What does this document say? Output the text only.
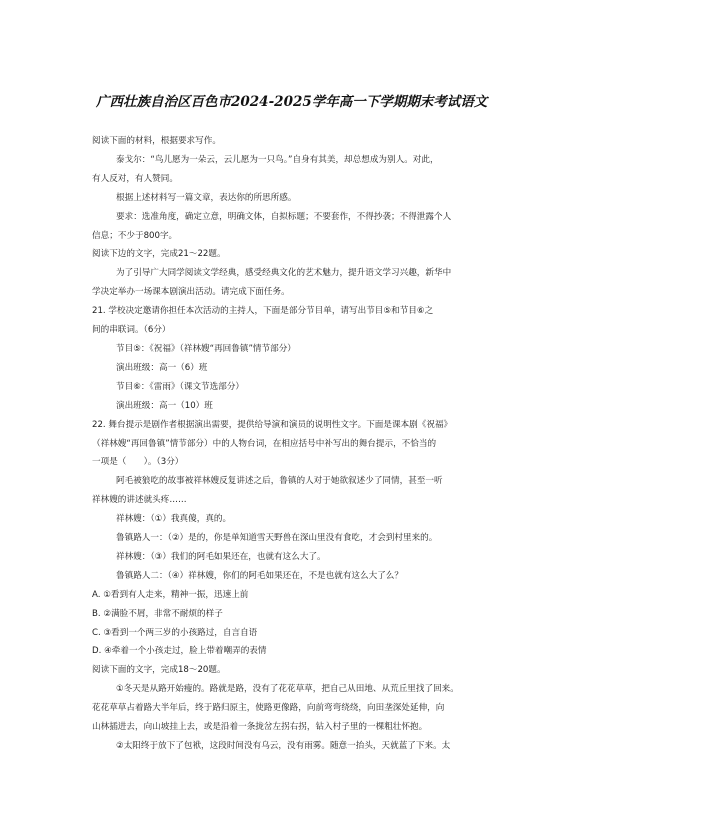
广西壮族自治区百色市2024-2025学年高一下学期期末考试语文

阅读下面的材料，根据要求写作。

泰戈尔：“鸟儿愿为一朵云，云儿愿为一只鸟。”自身有其美，却总想成为别人。对此，

有人反对，有人赞同。

根据上述材料写一篇文章，表达你的所思所感。

要求：选准角度，确定立意，明确文体，自拟标题；不要套作，不得抄袭；不得泄露个人

信息；不少于800字。

阅读下边的文字，完成21～22题。

为了引导广大同学阅读文学经典，感受经典文化的艺术魅力，提升语文学习兴趣，新华中

学决定举办一场课本剧演出活动。请完成下面任务。

21. 学校决定邀请你担任本次活动的主持人，下面是部分节目单，请写出节目⑤和节目⑥之

间的串联词。（6分）

节目⑤：《祝福》（祥林嫂“再回鲁镇”情节部分）

演出班级：高一（6）班

节目⑥：《雷雨》（课文节选部分）

演出班级：高一（10）班

22. 舞台提示是剧作者根据演出需要，提供给导演和演员的说明性文字。下面是课本剧《祝福》

（祥林嫂“再回鲁镇”情节部分）中的人物台词，在相应括号中补写出的舞台提示，不恰当的

一项是（　　）。（3分）

阿毛被狼吃的故事被祥林嫂反复讲述之后，鲁镇的人对于她欲叙述少了同情，甚至一听

祥林嫂的讲述就头疼……

祥林嫂：（①）我真傻，真的。

鲁镇路人一：（②）是的，你是单知道雪天野兽在深山里没有食吃，才会到村里来的。

祥林嫂：（③）我们的阿毛如果还在，也就有这么大了。

鲁镇路人二：（④）祥林嫂，你们的阿毛如果还在，不是也就有这么大了么？

A. ①看到有人走来，精神一振，迅速上前

B. ②满脸不屑，非常不耐烦的样子

C. ③看到一个两三岁的小孩路过，自言自语

D. ④牵着一个小孩走过，脸上带着嘲弄的表情

阅读下面的文字，完成18～20题。

①冬天是从路开始瘦的。路就是路，没有了花花草草，把自己从田地、从荒丘里找了回来。

花花草草占着路大半年后，终于路归原主，使路更像路，向前弯弯绕绕，向田垄深处延伸，向

山林插进去，向山坡挂上去，或是沿着一条拢岔左拐右拐，钻入村子里的一棵粗壮怀抱。

②太阳终于放下了包袱，这段时间没有乌云，没有雨雾。随意一抬头，天就蓝了下来。太
